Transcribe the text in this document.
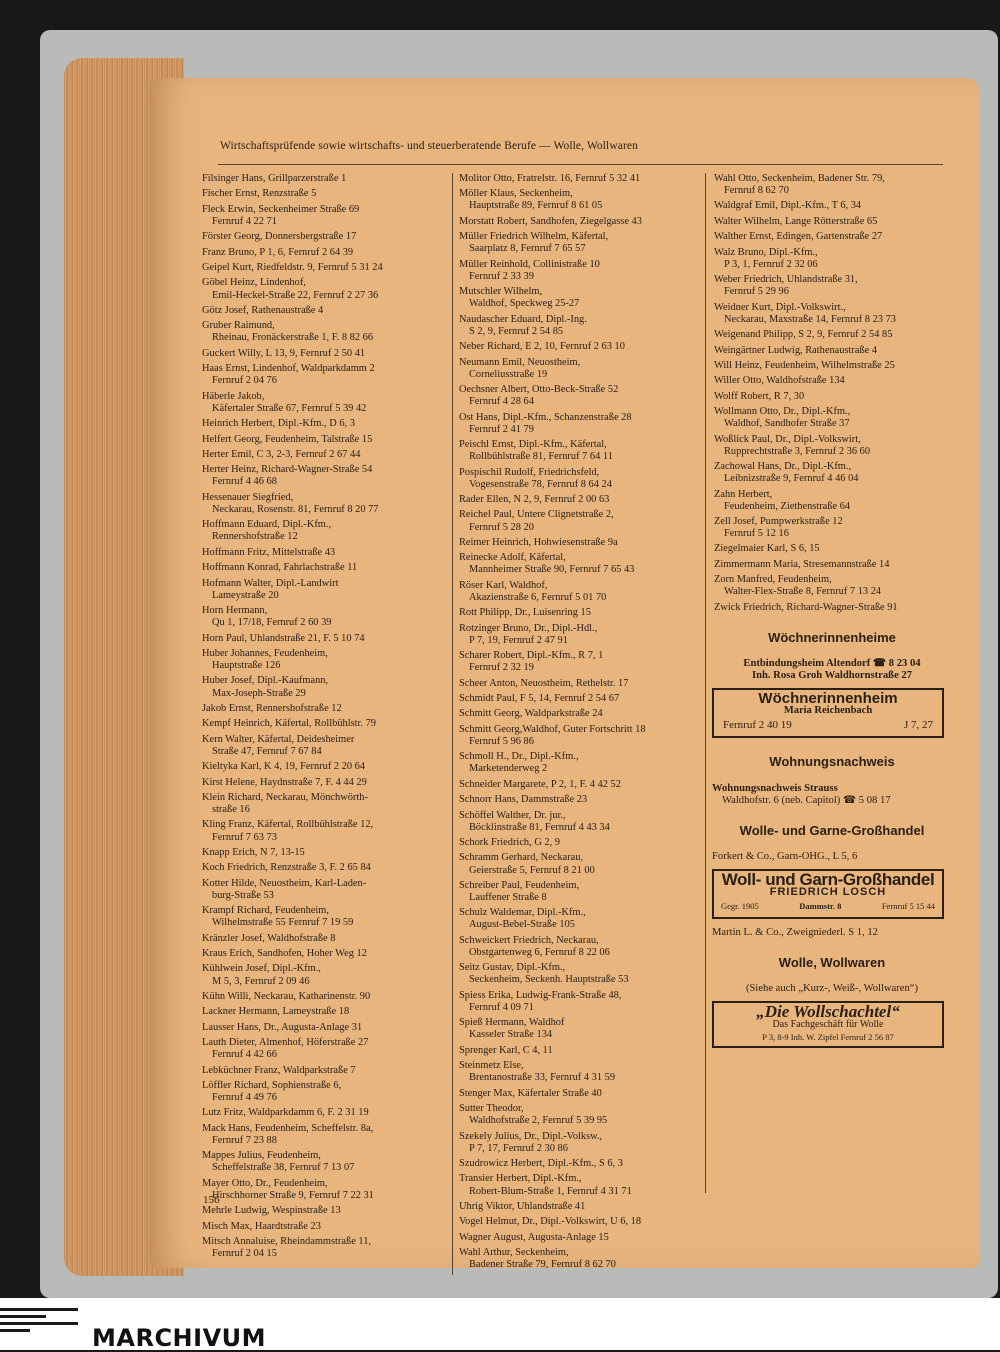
Wirtschaftsprüfende sowie wirtschafts- und steuerberatende Berufe — Wolle, Wollwaren
Filsinger Hans, Grillparzerstraße 1
Fischer Ernst, Renzstraße 5
Fleck Erwin, Seckenheimer Straße 69
Fernruf 4 22 71
Förster Georg, Donnersbergstraße 17
Franz Bruno, P 1, 6, Fernruf 2 64 39
Geipel Kurt, Riedfeldstr. 9, Fernruf 5 31 24
Göbel Heinz, Lindenhof,
Emil-Heckel-Straße 22, Fernruf 2 27 36
Götz Josef, Rathenaustraße 4
Gruber Raimund,
Rheinau, Fronäckerstraße 1, F. 8 82 66
Guckert Willy, L 13, 9, Fernruf 2 50 41
Haas Ernst, Lindenhof, Waldparkdamm 2
Fernruf 2 04 76
Häberle Jakob,
Käfertaler Straße 67, Fernruf 5 39 42
Heinrich Herbert, Dipl.-Kfm., D 6, 3
Helfert Georg, Feudenheim, Talstraße 15
Herter Emil, C 3, 2-3, Fernruf 2 67 44
Herter Heinz, Richard-Wagner-Straße 54
Fernruf 4 46 68
Hessenauer Siegfried,
Neckarau, Rosenstr. 81, Fernruf 8 20 77
Hoffmann Eduard, Dipl.-Kfm.,
Rennershofstraße 12
Hoffmann Fritz, Mittelstraße 43
Hoffmann Konrad, Fahrlachstraße 11
Hofmann Walter, Dipl.-Landwirt
Lameystraße 20
Horn Hermann,
Qu 1, 17/18, Fernruf 2 60 39
Horn Paul, Uhlandstraße 21, F. 5 10 74
Huber Johannes, Feudenheim,
Hauptstraße 126
Huber Josef, Dipl.-Kaufmann,
Max-Joseph-Straße 29
Jakob Ernst, Rennershofstraße 12
Kempf Heinrich, Käfertal, Rollbühlstr. 79
Kern Walter, Käfertal, Deidesheimer
Straße 47, Fernruf 7 67 84
Kieltyka Karl, K 4, 19, Fernruf 2 20 64
Kirst Helene, Haydnstraße 7, F. 4 44 29
Klein Richard, Neckarau, Mönchwörth-
straße 16
Kling Franz, Käfertal, Rollbühlstraße 12,
Fernruf 7 63 73
Knapp Erich, N 7, 13-15
Koch Friedrich, Renzstraße 3, F. 2 65 84
Kotter Hilde, Neuostheim, Karl-Laden-
burg-Straße 53
Krampf Richard, Feudenheim,
Wilhelmstraße 55 Fernruf 7 19 59
Kränzler Josef, Waldhofstraße 8
Kraus Erich, Sandhofen, Hoher Weg 12
Kühlwein Josef, Dipl.-Kfm.,
M 5, 3, Fernruf 2 09 46
Kühn Willi, Neckarau, Katharinenstr. 90
Lackner Hermann, Lameystraße 18
Lausser Hans, Dr., Augusta-Anlage 31
Lauth Dieter, Almenhof, Höferstraße 27
Fernruf 4 42 66
Lebküchner Franz, Waldparkstraße 7
Löffler Richard, Sophienstraße 6,
Fernruf 4 49 76
Lutz Fritz, Waldparkdamm 6, F. 2 31 19
Mack Hans, Feudenheim, Scheffelstr. 8a,
Fernruf 7 23 88
Mappes Julius, Feudenheim,
Scheffelstraße 38, Fernruf 7 13 07
Mayer Otto, Dr., Feudenheim,
Hirschhorner Straße 9, Fernruf 7 22 31
Mehrle Ludwig, Wespinstraße 13
Misch Max, Haardtstraße 23
Mitsch Annaluise, Rheindammstraße 11,
Fernruf 2 04 15
Molitor Otto, Fratrelstr. 16, Fernruf 5 32 41
Möller Klaus, Seckenheim,
Hauptstraße 89, Fernruf 8 61 05
Morstatt Robert, Sandhofen, Ziegelgasse 43
Müller Friedrich Wilhelm, Käfertal,
Saarplatz 8, Fernruf 7 65 57
Müller Reinhold, Collinistraße 10
Fernruf 2 33 39
Mutschler Wilhelm,
Waldhof, Speckweg 25-27
Naudascher Eduard, Dipl.-Ing.
S 2, 9, Fernruf 2 54 85
Neber Richard, E 2, 10, Fernruf 2 63 10
Neumann Emil, Neuostheim,
Corneliusstraße 19
Oechsner Albert, Otto-Beck-Straße 52
Fernruf 4 28 64
Ost Hans, Dipl.-Kfm., Schanzenstraße 28
Fernruf 2 41 79
Peischl Ernst, Dipl.-Kfm., Käfertal,
Rollbühlstraße 81, Fernruf 7 64 11
Pospischil Rudolf, Friedrichsfeld,
Vogesenstraße 78, Fernruf 8 64 24
Rader Ellen, N 2, 9, Fernruf 2 00 63
Reichel Paul, Untere Clignetstraße 2,
Fernruf 5 28 20
Reimer Heinrich, Hohwiesenstraße 9a
Reinecke Adolf, Käfertal,
Mannheimer Straße 90, Fernruf 7 65 43
Röser Karl, Waldhof,
Akazienstraße 6, Fernruf 5 01 70
Rott Philipp, Dr., Luisenring 15
Rotzinger Bruno, Dr., Dipl.-Hdl.,
P 7, 19, Fernruf 2 47 91
Scharer Robert, Dipl.-Kfm., R 7, 1
Fernruf 2 32 19
Scheer Anton, Neuostheim, Rethelstr. 17
Schmidt Paul, F 5, 14, Fernruf 2 54 67
Schmitt Georg, Waldparkstraße 24
Schmitt Georg,Waldhof, Guter Fortschritt 18
Fernruf 5 96 86
Schmoll H., Dr., Dipl.-Kfm.,
Marketenderweg 2
Schneider Margarete, P 2, 1, F. 4 42 52
Schnorr Hans, Dammstraße 23
Schöffel Walther, Dr. jur.,
Böcklinstraße 81, Fernruf 4 43 34
Schork Friedrich, G 2, 9
Schramm Gerhard, Neckarau,
Geierstraße 5, Fernruf 8 21 00
Schreiber Paul, Feudenheim,
Lauffener Straße 8
Schulz Waldemar, Dipl.-Kfm.,
August-Bebel-Straße 105
Schweickert Friedrich, Neckarau,
Obstgartenweg 6, Fernruf 8 22 06
Seitz Gustav, Dipl.-Kfm.,
Seckenheim, Seckenh. Hauptstraße 53
Spiess Erika, Ludwig-Frank-Straße 48,
Fernruf 4 09 71
Spieß Hermann, Waldhof
Kasseler Straße 134
Sprenger Karl, C 4, 11
Steinmetz Else,
Brentanostraße 33, Fernruf 4 31 59
Stenger Max, Käfertaler Straße 40
Sutter Theodor,
Waldhofstraße 2, Fernruf 5 39 95
Szekely Julius, Dr., Dipl.-Volksw.,
P 7, 17, Fernruf 2 30 86
Szudrowicz Herbert, Dipl.-Kfm., S 6, 3
Transier Herbert, Dipl.-Kfm.,
Robert-Blum-Straße 1, Fernruf 4 31 71
Uhrig Viktor, Uhlandstraße 41
Vogel Helmut, Dr., Dipl.-Volkswirt, U 6, 18
Wagner August, Augusta-Anlage 15
Wahl Arthur, Seckenheim,
Badener Straße 79, Fernruf 8 62 70
Wahl Otto, Seckenheim, Badener Str. 79,
Fernruf 8 62 70
Waldgraf Emil, Dipl.-Kfm., T 6, 34
Walter Wilhelm, Lange Rötterstraße 65
Walther Ernst, Edingen, Gartenstraße 27
Walz Bruno, Dipl.-Kfm.,
P 3, 1, Fernruf 2 32 06
Weber Friedrich, Uhlandstraße 31,
Fernruf 5 29 96
Weidner Kurt, Dipl.-Volkswirt.,
Neckarau, Maxstraße 14, Fernruf 8 23 73
Weigenand Philipp, S 2, 9, Fernruf 2 54 85
Weingärtner Ludwig, Rathenaustraße 4
Will Heinz, Feudenheim, Wilhelmstraße 25
Willer Otto, Waldhofstraße 134
Wolff Robert, R 7, 30
Wollmann Otto, Dr., Dipl.-Kfm.,
Waldhof, Sandhofer Straße 37
Woßlick Paul, Dr., Dipl.-Volkswirt,
Rupprechtstraße 3, Fernruf 2 36 60
Zachowal Hans, Dr., Dipl.-Kfm.,
Leibnizstraße 9, Fernruf 4 46 04
Zahn Herbert,
Feudenheim, Ziethenstraße 64
Zell Josef, Pumpwerkstraße 12
Fernruf 5 12 16
Ziegelmaier Karl, S 6, 15
Zimmermann Maria, Stresemannstraße 14
Zorn Manfred, Feudenheim,
Walter-Flex-Straße 8, Fernruf 7 13 24
Zwick Friedrich, Richard-Wagner-Straße 91
Wöchnerinnenheime
Entbindungsheim Altendorf ☎ 8 23 04
Inh. Rosa Groh Waldhornstraße 27
Wöchnerinnenheim
Maria Reichenbach
Fernruf 2 40 19	J 7, 27
Wohnungsnachweis
Wohnungsnachweis Strauss
Waldhofstr. 6 (neb. Capitol) ☎ 5 08 17
Wolle- und Garne-Großhandel
Forkert & Co., Garn-OHG., L 5, 6
Woll- und Garn-Großhandel
FRIEDRICH LOSCH
Gegr. 1905	Dammstr. 8	Fernruf 5 15 44
Martin L. & Co., Zweigniederl. S 1, 12
Wolle, Wollwaren
(Siehe auch „Kurz-, Weiß-, Wollwaren“)
„Die Wollschachtel“
Das Fachgeschäft für Wolle
P 3, 8-9 Inh. W. Zipfel Fernruf 2 56 87
156
MARCHIVUM
